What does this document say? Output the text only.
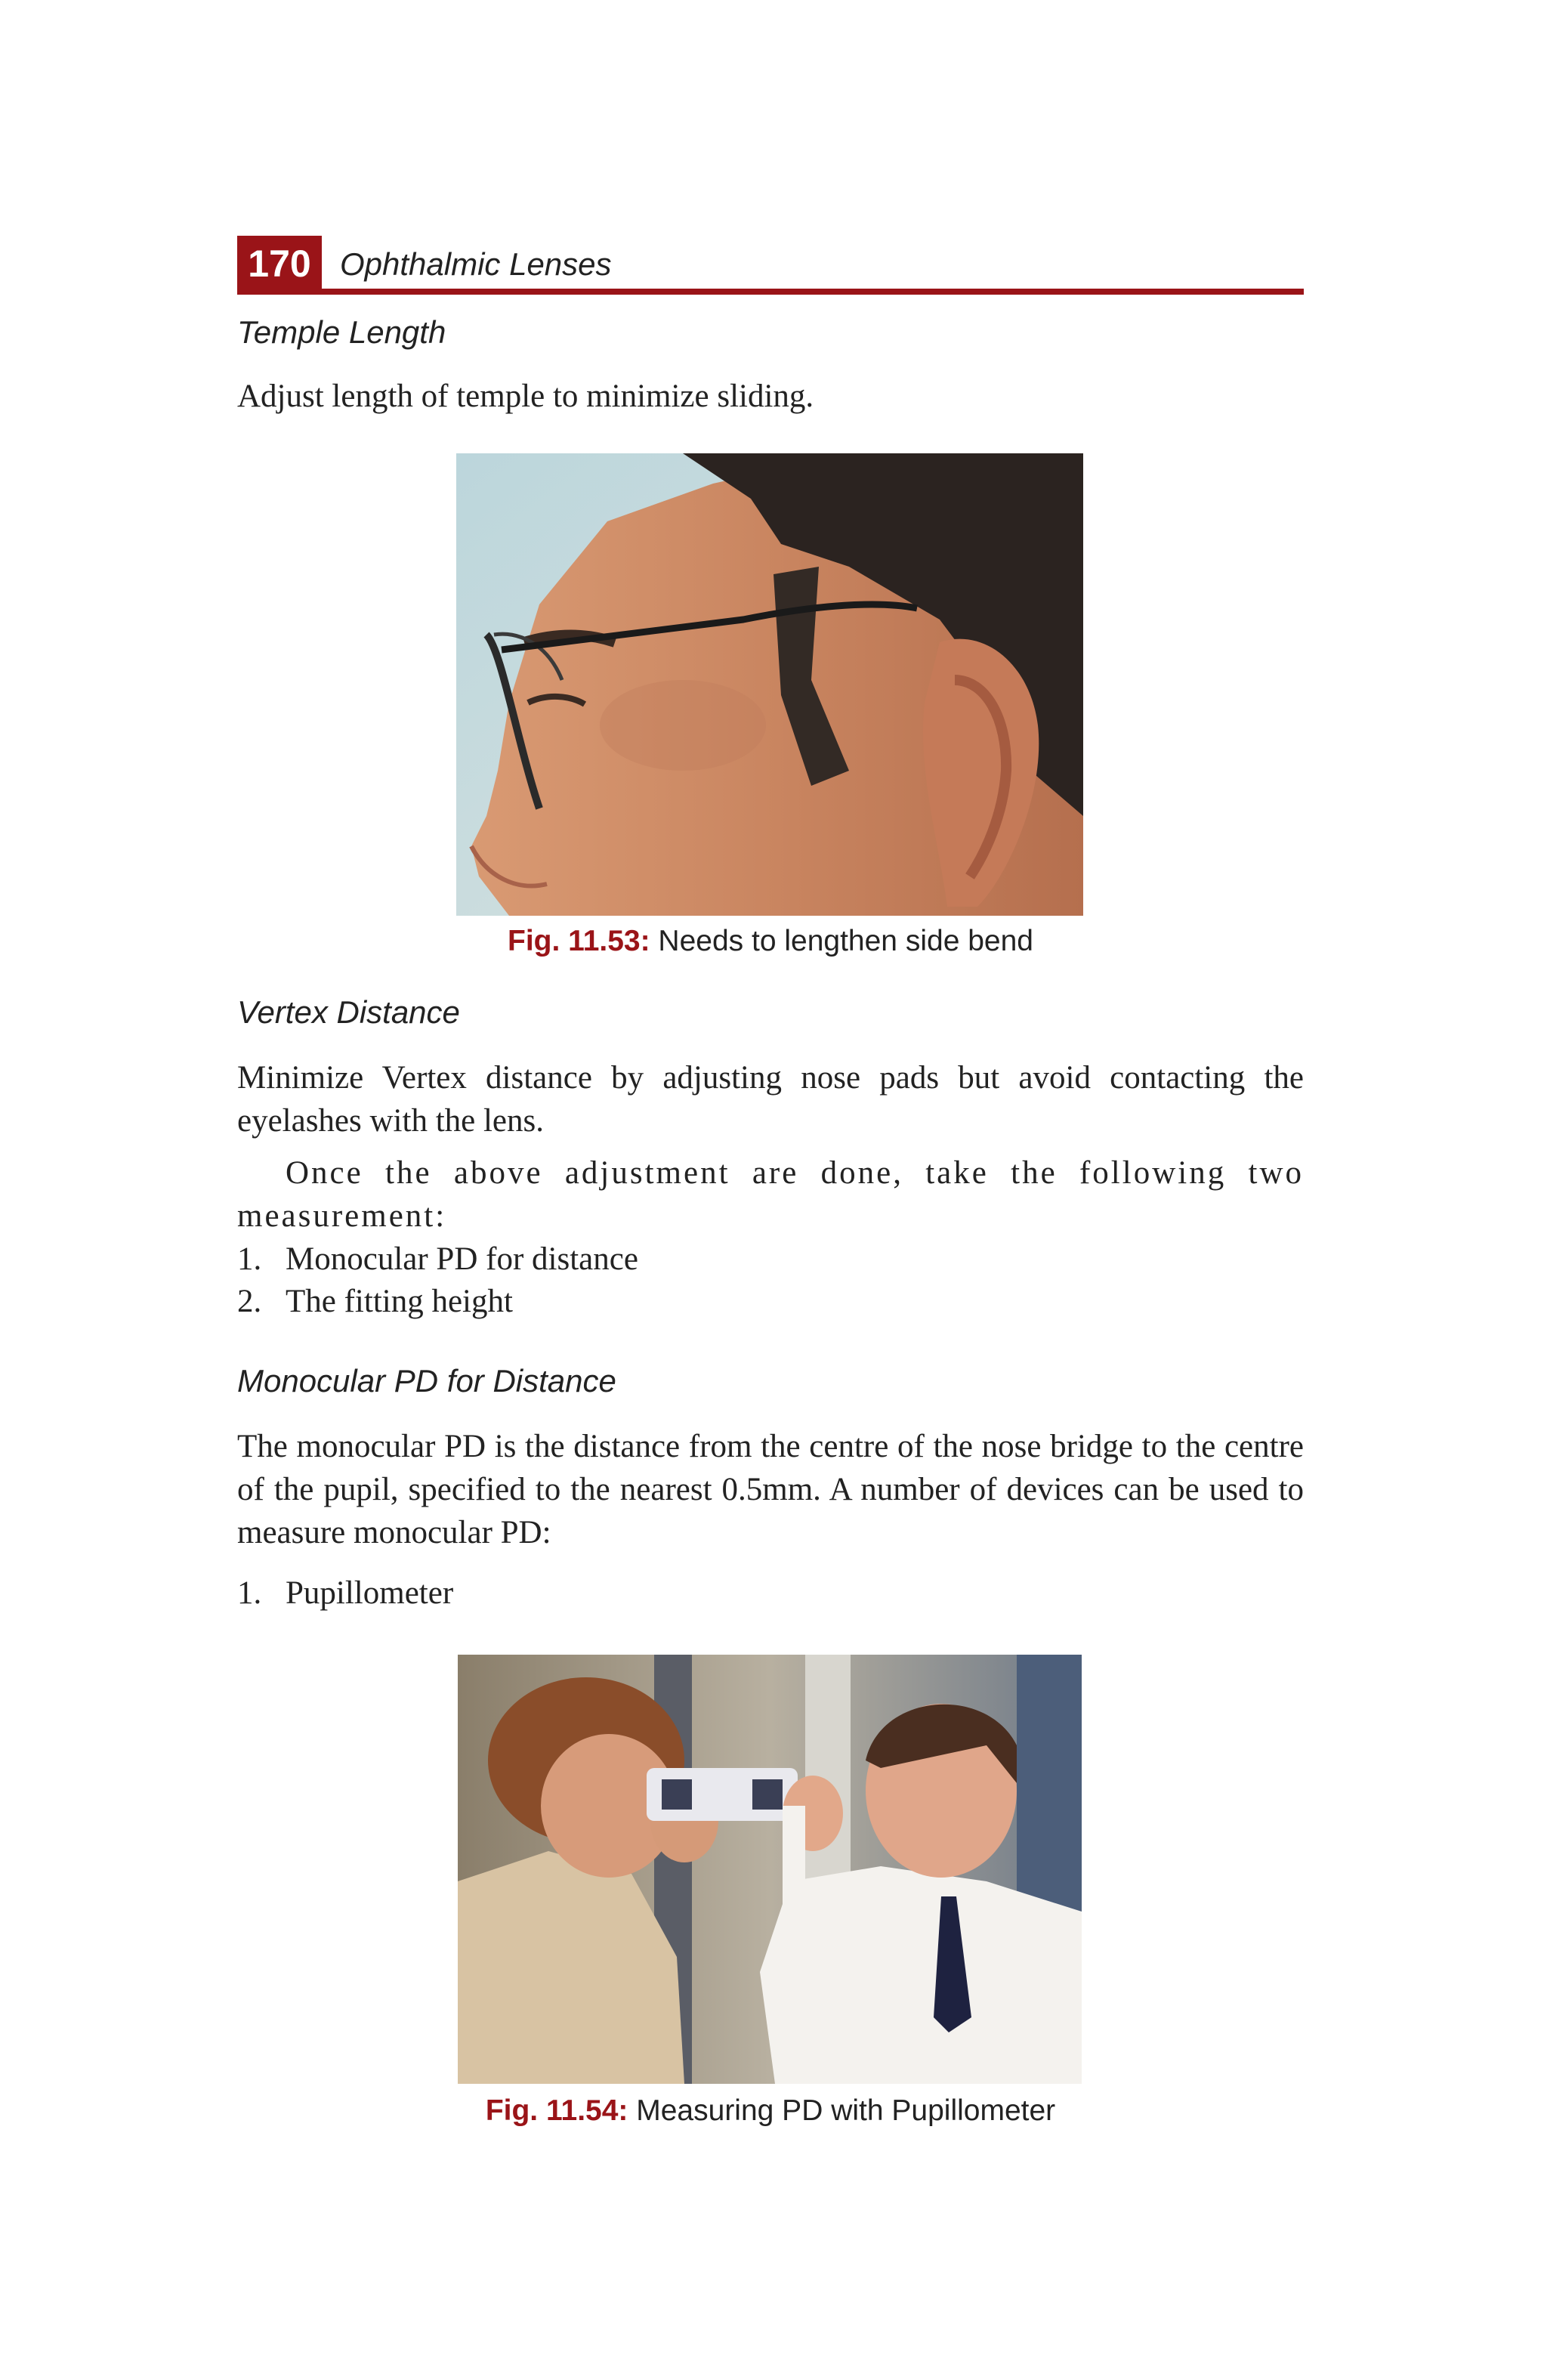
170 Ophthalmic Lenses
Temple Length
Adjust length of temple to minimize sliding.
Fig. 11.53: Needs to lengthen side bend
Vertex Distance
Minimize Vertex distance by adjusting nose pads but avoid contacting the eyelashes with the lens.
Once the above adjustment are done, take the following two measurement:
1. Monocular PD for distance
2. The fitting height
Monocular PD for Distance
The monocular PD is the distance from the centre of the nose bridge to the centre of the pupil, specified to the nearest 0.5mm. A number of devices can be used to measure monocular PD:
1. Pupillometer
Fig. 11.54: Measuring PD with Pupillometer
